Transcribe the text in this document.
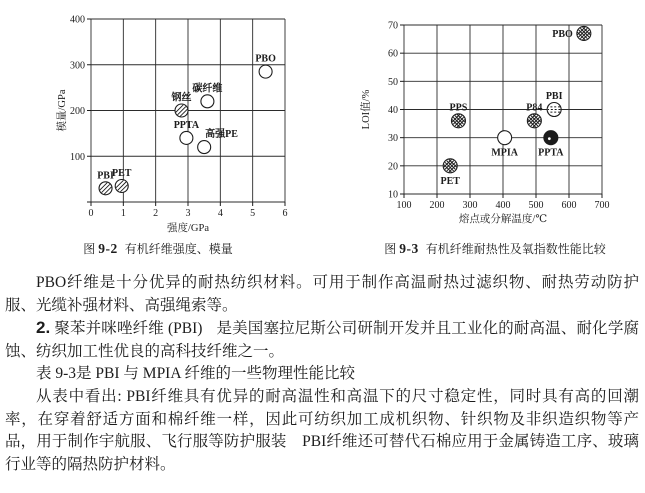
0	1	2	3	4	5	6
100
200
300
400
强度/GPa
模量/GPa
PBI
PET
钢丝
碳纤维
PPTA
高强PE
PBO
图 9-2 有机纤维强度、模量
100 200 300 400 500 600 700
10
20
30
40
50
60
70
熔点或分解温度/℃
LOI值/%
PET
PPS
MPIA
P84
PBI
PPTA
PBO
图 9-3 有机纤维耐热性及氧指数性能比较

PBO纤维是十分优异的耐热纺织材料。可用于制作高温耐热过滤织物、耐热劳动防护服、光缆补强材料、高强绳索等。

2. 聚苯并咪唑纤维 (PBI) 是美国塞拉尼斯公司研制开发并且工业化的耐高温、耐化学腐蚀、纺织加工性优良的高科技纤维之一。

表 9-3是 PBI 与 MPIA 纤维的一些物理性能比较

从表中看出: PBI纤维具有优异的耐高温性和高温下的尺寸稳定性，同时具有高的回潮率，在穿着舒适方面和棉纤维一样，因此可纺织加工成机织物、针织物及非织造织物等产品，用于制作宇航服、飞行服等防护服装　PBI纤维还可替代石棉应用于金属铸造工序、玻璃行业等的隔热防护材料。
